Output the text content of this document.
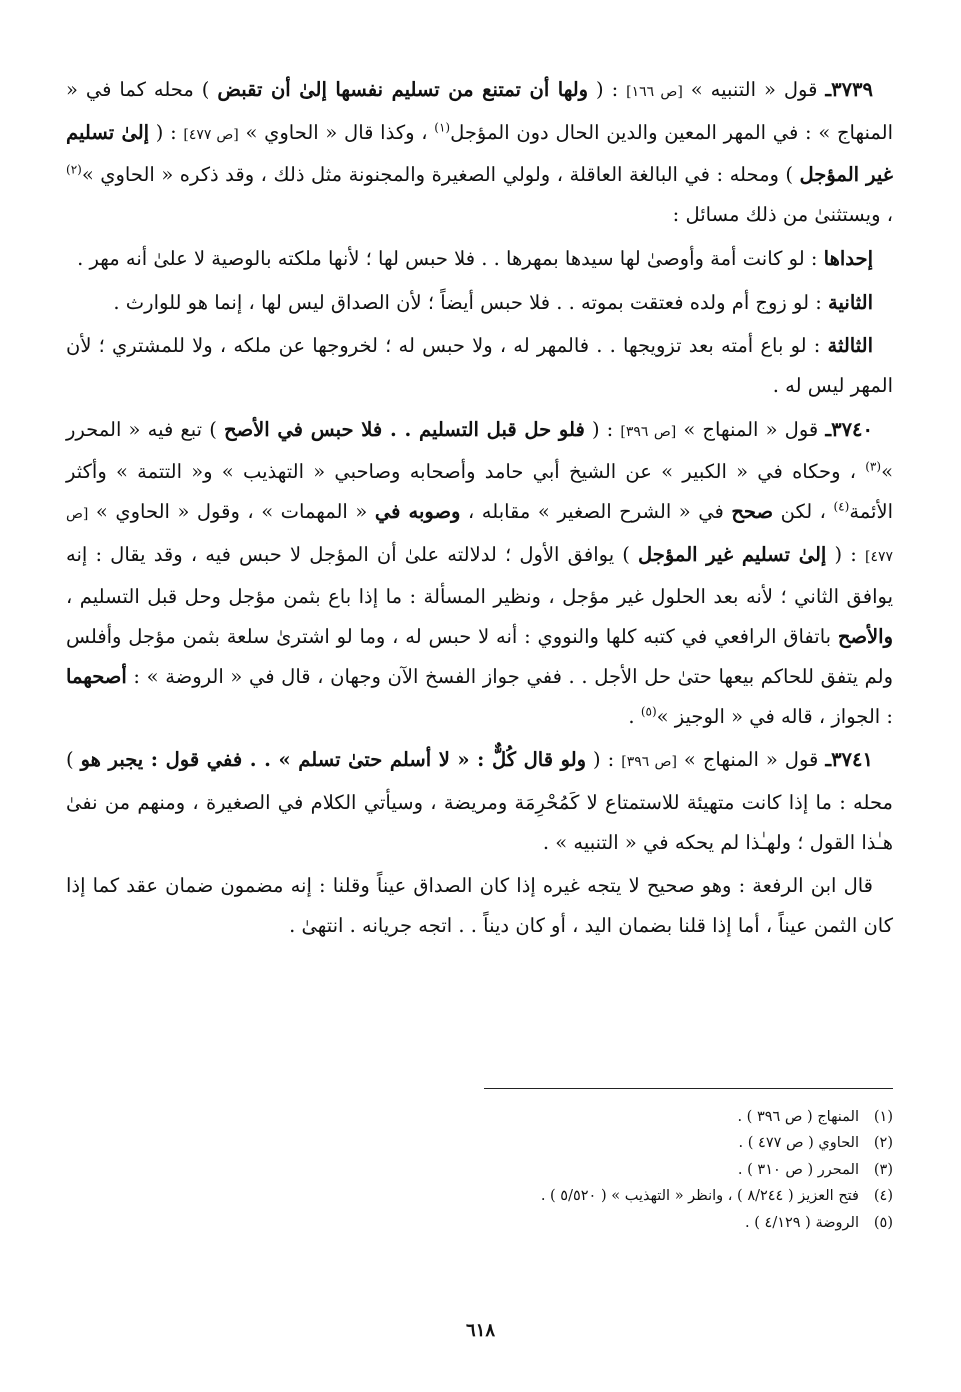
٣٧٣٩ـ قول « التنبيه » [ص ١٦٦] : ( ولها أن تمتنع من تسليم نفسها إلىٰ أن تقبض ) محله كما في « المنهاج » : في المهر المعين والدين الحال دون المؤجل$^{(١)}$ ، وكذا قال « الحاوي » [ص ٤٧٧] : ( إلىٰ تسليم غير المؤجل ) ومحله : في البالغة العاقلة ، ولولي الصغيرة والمجنونة مثل ذلك ، وقد ذكره « الحاوي »$^{(٢)}$ ، ويستثنىٰ من ذلك مسائل :

إحداها : لو كانت أمة وأوصىٰ لها سيدها بمهرها . . فلا حبس لها ؛ لأنها ملكته بالوصية لا علىٰ أنه مهر .

الثانية : لو زوج أم ولده فعتقت بموته . . فلا حبس أيضاً ؛ لأن الصداق ليس لها ، إنما هو للوارث .

الثالثة : لو باع أمته بعد تزويجها . . فالمهر له ، ولا حبس له ؛ لخروجها عن ملكه ، ولا للمشتري ؛ لأن المهر ليس له .

٣٧٤٠ـ قول « المنهاج » [ص ٣٩٦] : ( فلو حل قبل التسليم . . فلا حبس في الأصح ) تبع فيه « المحرر »$^{(٣)}$ ، وحكاه في « الكبير » عن الشيخ أبي حامد وأصحابه وصاحبي « التهذيب » و« التتمة » وأكثر الأئمة$^{(٤)}$ ، لكن صحح في « الشرح الصغير » مقابله ، وصوبه في « المهمات » ، وقول « الحاوي » [ص ٤٧٧] : ( إلىٰ تسليم غير المؤجل ) يوافق الأول ؛ لدلالته علىٰ أن المؤجل لا حبس فيه ، وقد يقال : إنه يوافق الثاني ؛ لأنه بعد الحلول غير مؤجل ، ونظير المسألة : ما إذا باع بثمن مؤجل وحل قبل التسليم ، والأصح باتفاق الرافعي في كتبه كلها والنووي : أنه لا حبس له ، وما لو اشترىٰ سلعة بثمن مؤجل وأفلس ولم يتفق للحاكم بيعها حتىٰ حل الأجل . . ففي جواز الفسخ الآن وجهان ، قال في « الروضة » : أصحهما : الجواز ، قاله في « الوجيز »$^{(٥)}$ .

٣٧٤١ـ قول « المنهاج » [ص ٣٩٦] : ( ولو قال كُلٌّ : « لا أسلم حتىٰ تسلم » . . ففي قول : يجبر هو ) محله : ما إذا كانت متهيئة للاستمتاع لا كَمُحْرِمَة ومريضة ، وسيأتي الكلام في الصغيرة ، ومنهم من نفىٰ هـٰذا القول ؛ ولهـٰذا لم يحكه في « التنبيه » .

قال ابن الرفعة : وهو صحيح لا يتجه غيره إذا كان الصداق عيناً وقلنا : إنه مضمون ضمان عقد كما إذا كان الثمن عيناً ، أما إذا قلنا بضمان اليد ، أو كان ديناً . . اتجه جريانه . انتهىٰ .

(١)المنهاج ( ص ٣٩٦ ) .
(٢)الحاوي ( ص ٤٧٧ ) .
(٣)المحرر ( ص ٣١٠ ) .
(٤)فتح العزيز ( ٨/٢٤٤ ) ، وانظر « التهذيب » ( ٥/٥٢٠ ) .
(٥)الروضة ( ٤/١٢٩ ) .
٦١٨
